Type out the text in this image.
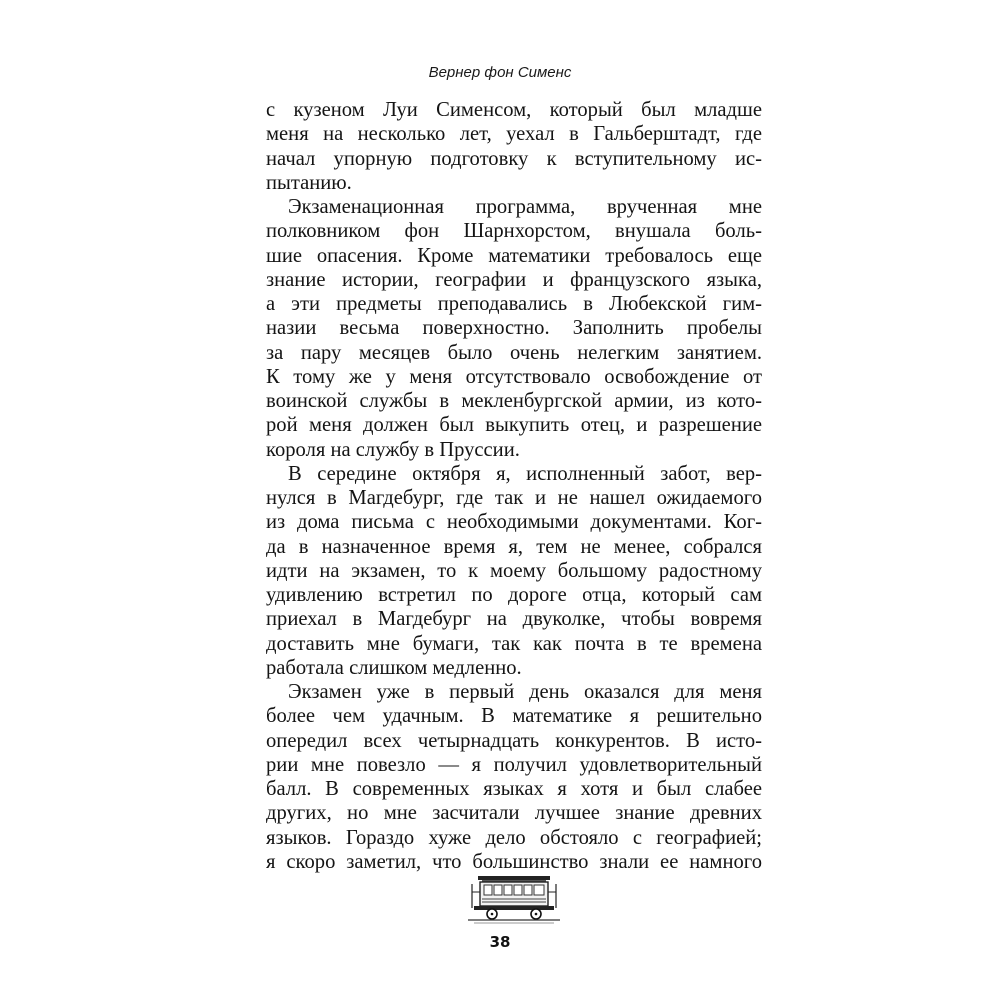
Вернер фон Сименс
с кузеном Луи Сименсом, который был младше
меня на несколько лет, уехал в Гальберштадт, где
начал упорную подготовку к вступительному ис-
пытанию.
Экзаменационная программа, врученная мне
полковником фон Шарнхорстом, внушала боль-
шие опасения. Кроме математики требовалось еще
знание истории, географии и французского языка,
а эти предметы преподавались в Любекской гим-
назии весьма поверхностно. Заполнить пробелы
за пару месяцев было очень нелегким занятием.
К тому же у меня отсутствовало освобождение от
воинской службы в мекленбургской армии, из кото-
рой меня должен был выкупить отец, и разрешение
короля на службу в Пруссии.
В середине октября я, исполненный забот, вер-
нулся в Магдебург, где так и не нашел ожидаемого
из дома письма с необходимыми документами. Ког-
да в назначенное время я, тем не менее, собрался
идти на экзамен, то к моему большому радостному
удивлению встретил по дороге отца, который сам
приехал в Магдебург на двуколке, чтобы вовремя
доставить мне бумаги, так как почта в те времена
работала слишком медленно.
Экзамен уже в первый день оказался для меня
более чем удачным. В математике я решительно
опередил всех четырнадцать конкурентов. В исто-
рии мне повезло — я получил удовлетворительный
балл. В современных языках я хотя и был слабее
других, но мне засчитали лучшее знание древних
языков. Гораздо хуже дело обстояло с географией;
я скоро заметил, что большинство знали ее намного
38
